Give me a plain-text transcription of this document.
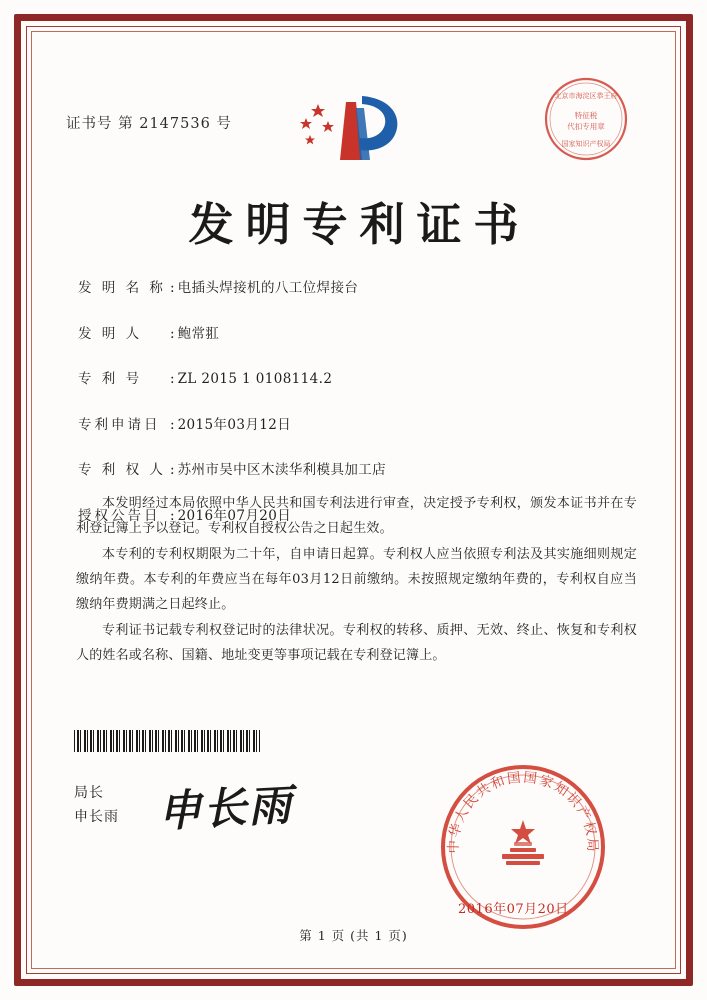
证书号 第 2147536 号
北京市海淀区恭王府
特征税
代扣专用章
国家知识产权局
发明专利证书
发 明 名 称 : 电插头焊接机的八工位焊接台
发 明 人	: 鲍常羾
专 利 号	: ZL 2015 1 0108114.2
专利申请日 : 2015年03月12日
专 利 权 人 : 苏州市吴中区木渎华利模具加工店
授权公告日 : 2016年07月20日

本发明经过本局依照中华人民共和国专利法进行审查，决定授予专利权，颁发本证书并在专利登记簿上予以登记。专利权自授权公告之日起生效。

本专利的专利权期限为二十年，自申请日起算。专利权人应当依照专利法及其实施细则规定缴纳年费。本专利的年费应当在每年03月12日前缴纳。未按照规定缴纳年费的，专利权自应当缴纳年费期满之日起终止。

专利证书记载专利权登记时的法律状况。专利权的转移、质押、无效、终止、恢复和专利权人的姓名或名称、国籍、地址变更等事项记载在专利登记簿上。

局长
申长雨 申长雨
中华人民共和国国家知识产权局
2016年07月20日
第 1 页 (共 1 页)
